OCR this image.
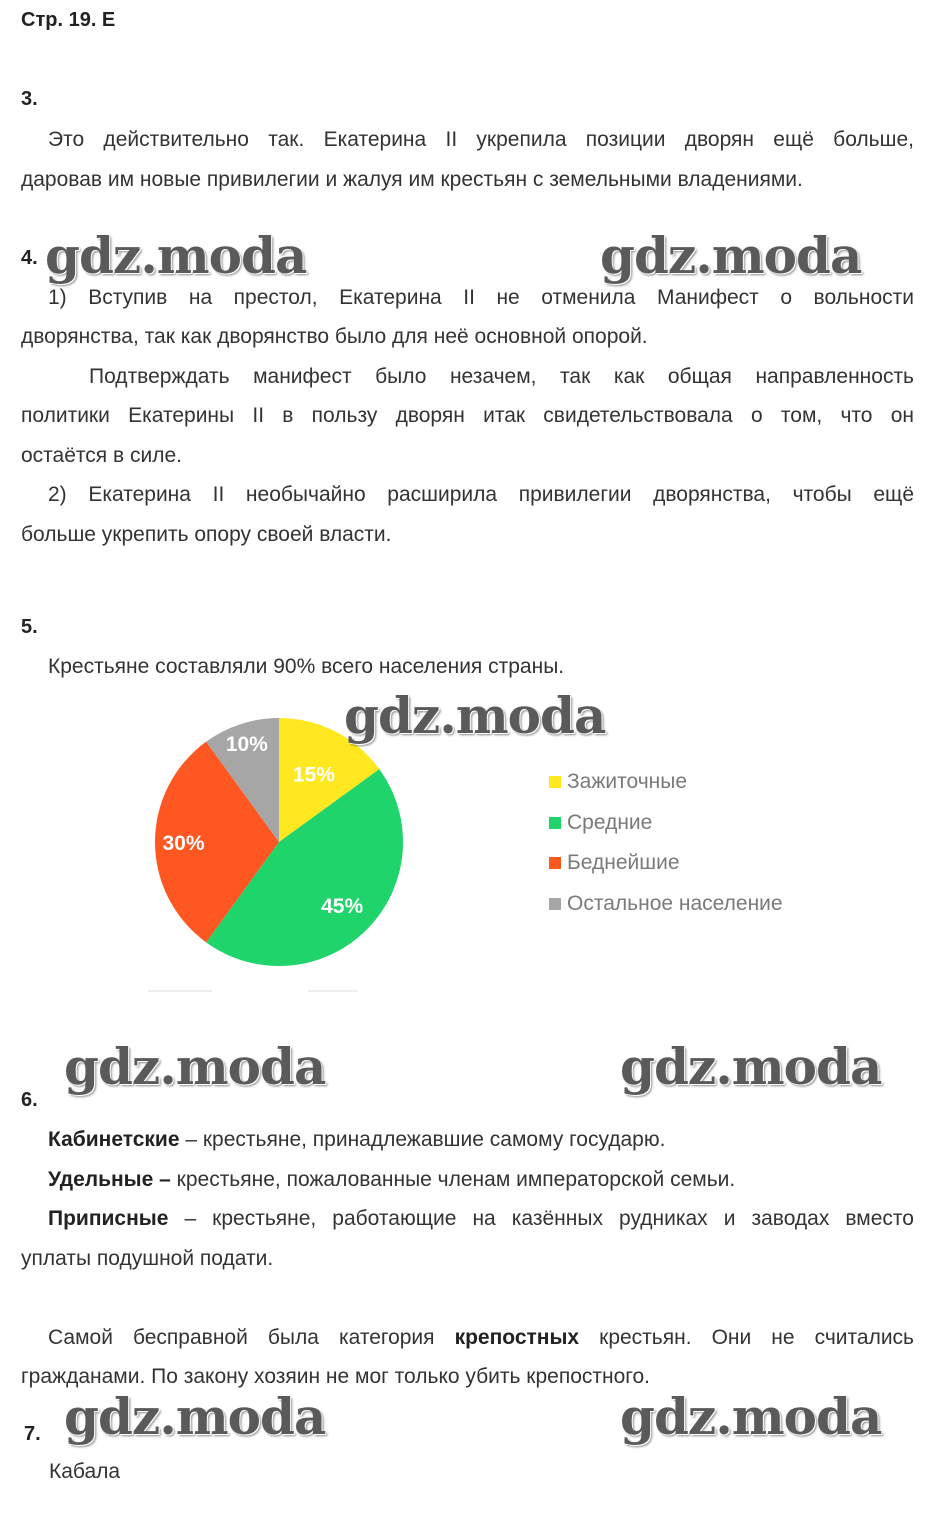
Стр. 19. Е
3.
Это действительно так. Екатерина II укрепила позиции дворян ещё больше,
даровав им новые привилегии и жалуя им крестьян с земельными владениями.
4.
1) Вступив на престол, Екатерина II не отменила Манифест о вольности
дворянства, так как дворянство было для неё основной опорой.
Подтверждать манифест было незачем, так как общая направленность
политики Екатерины II в пользу дворян итак свидетельствовала о том, что он
остаётся в силе.
2) Екатерина II необычайно расширила привилегии дворянства, чтобы ещё
больше укрепить опору своей власти.
5.
Крестьяне составляли 90% всего населения страны.
15%
45%
30%
10%
Зажиточные
Средние
Беднейшие
Остальное население
6.
Кабинетские – крестьяне, принадлежавшие самому государю.
Удельные – крестьяне, пожалованные членам императорской семьи.
Приписные – крестьяне, работающие на казённых рудниках и заводах вместо
уплаты подушной подати.
Самой бесправной была категория крепостных крестьян. Они не считались
гражданами. По закону хозяин не мог только убить крепостного.
7.
Кабала
gdz.moda	gdz.moda
gdz.moda
gdz.moda	gdz.moda
gdz.moda	gdz.moda
